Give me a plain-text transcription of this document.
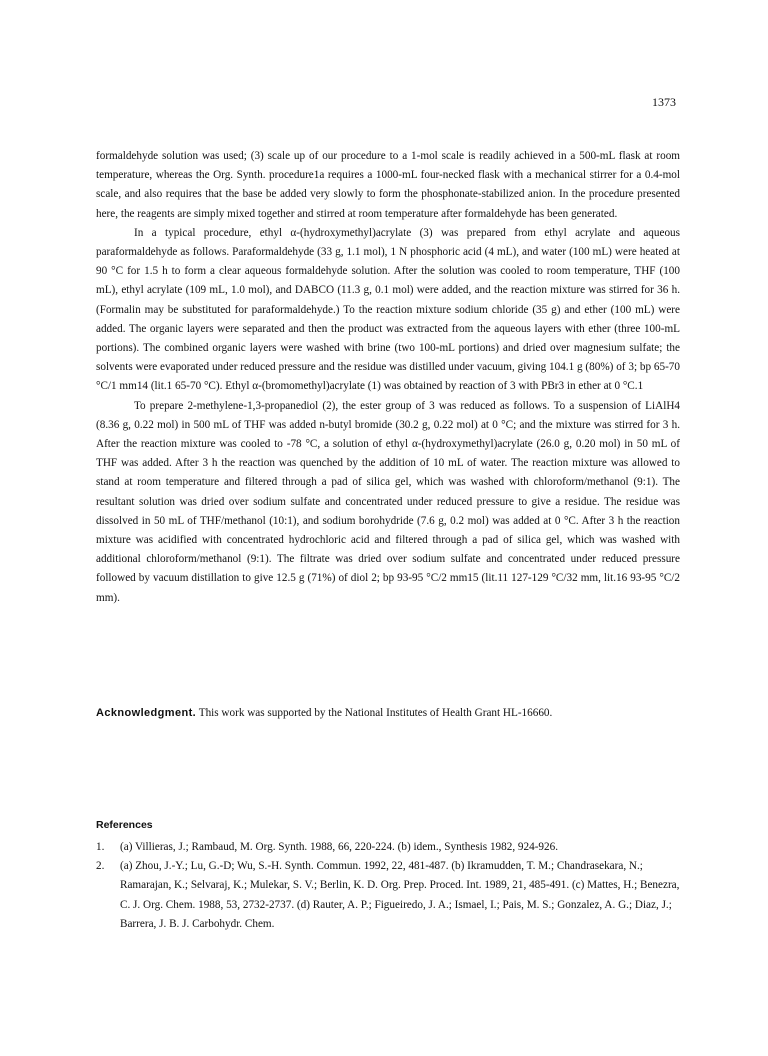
1373

formaldehyde solution was used; (3) scale up of our procedure to a 1-mol scale is readily achieved in a 500-mL flask at room temperature, whereas the Org. Synth. procedure1a requires a 1000-mL four-necked flask with a mechanical stirrer for a 0.4-mol scale, and also requires that the base be added very slowly to form the phosphonate-stabilized anion. In the procedure presented here, the reagents are simply mixed together and stirred at room temperature after formaldehyde has been generated.

In a typical procedure, ethyl α-(hydroxymethyl)acrylate (3) was prepared from ethyl acrylate and aqueous paraformaldehyde as follows. Paraformaldehyde (33 g, 1.1 mol), 1 N phosphoric acid (4 mL), and water (100 mL) were heated at 90 °C for 1.5 h to form a clear aqueous formaldehyde solution. After the solution was cooled to room temperature, THF (100 mL), ethyl acrylate (109 mL, 1.0 mol), and DABCO (11.3 g, 0.1 mol) were added, and the reaction mixture was stirred for 36 h. (Formalin may be substituted for paraformaldehyde.) To the reaction mixture sodium chloride (35 g) and ether (100 mL) were added. The organic layers were separated and then the product was extracted from the aqueous layers with ether (three 100-mL portions). The combined organic layers were washed with brine (two 100-mL portions) and dried over magnesium sulfate; the solvents were evaporated under reduced pressure and the residue was distilled under vacuum, giving 104.1 g (80%) of 3; bp 65-70 °C/1 mm14 (lit.1 65-70 °C). Ethyl α-(bromomethyl)acrylate (1) was obtained by reaction of 3 with PBr3 in ether at 0 °C.1

To prepare 2-methylene-1,3-propanediol (2), the ester group of 3 was reduced as follows. To a suspension of LiAlH4 (8.36 g, 0.22 mol) in 500 mL of THF was added n-butyl bromide (30.2 g, 0.22 mol) at 0 °C; and the mixture was stirred for 3 h. After the reaction mixture was cooled to -78 °C, a solution of ethyl α-(hydroxymethyl)acrylate (26.0 g, 0.20 mol) in 50 mL of THF was added. After 3 h the reaction was quenched by the addition of 10 mL of water. The reaction mixture was allowed to stand at room temperature and filtered through a pad of silica gel, which was washed with chloroform/methanol (9:1). The resultant solution was dried over sodium sulfate and concentrated under reduced pressure to give a residue. The residue was dissolved in 50 mL of THF/methanol (10:1), and sodium borohydride (7.6 g, 0.2 mol) was added at 0 °C. After 3 h the reaction mixture was acidified with concentrated hydrochloric acid and filtered through a pad of silica gel, which was washed with additional chloroform/methanol (9:1). The filtrate was dried over sodium sulfate and concentrated under reduced pressure followed by vacuum distillation to give 12.5 g (71%) of diol 2; bp 93-95 °C/2 mm15 (lit.11 127-129 °C/32 mm, lit.16 93-95 °C/2 mm).

Acknowledgment. This work was supported by the National Institutes of Health Grant HL-16660.
References
1. (a) Villieras, J.; Rambaud, M. Org. Synth. 1988, 66, 220-224. (b) idem., Synthesis 1982, 924-926.
2. (a) Zhou, J.-Y.; Lu, G.-D; Wu, S.-H. Synth. Commun. 1992, 22, 481-487. (b) Ikramudden, T. M.; Chandrasekara, N.; Ramarajan, K.; Selvaraj, K.; Mulekar, S. V.; Berlin, K. D. Org. Prep. Proced. Int. 1989, 21, 485-491. (c) Mattes, H.; Benezra, C. J. Org. Chem. 1988, 53, 2732-2737. (d) Rauter, A. P.; Figueiredo, J. A.; Ismael, I.; Pais, M. S.; Gonzalez, A. G.; Diaz, J.; Barrera, J. B. J. Carbohydr. Chem.
